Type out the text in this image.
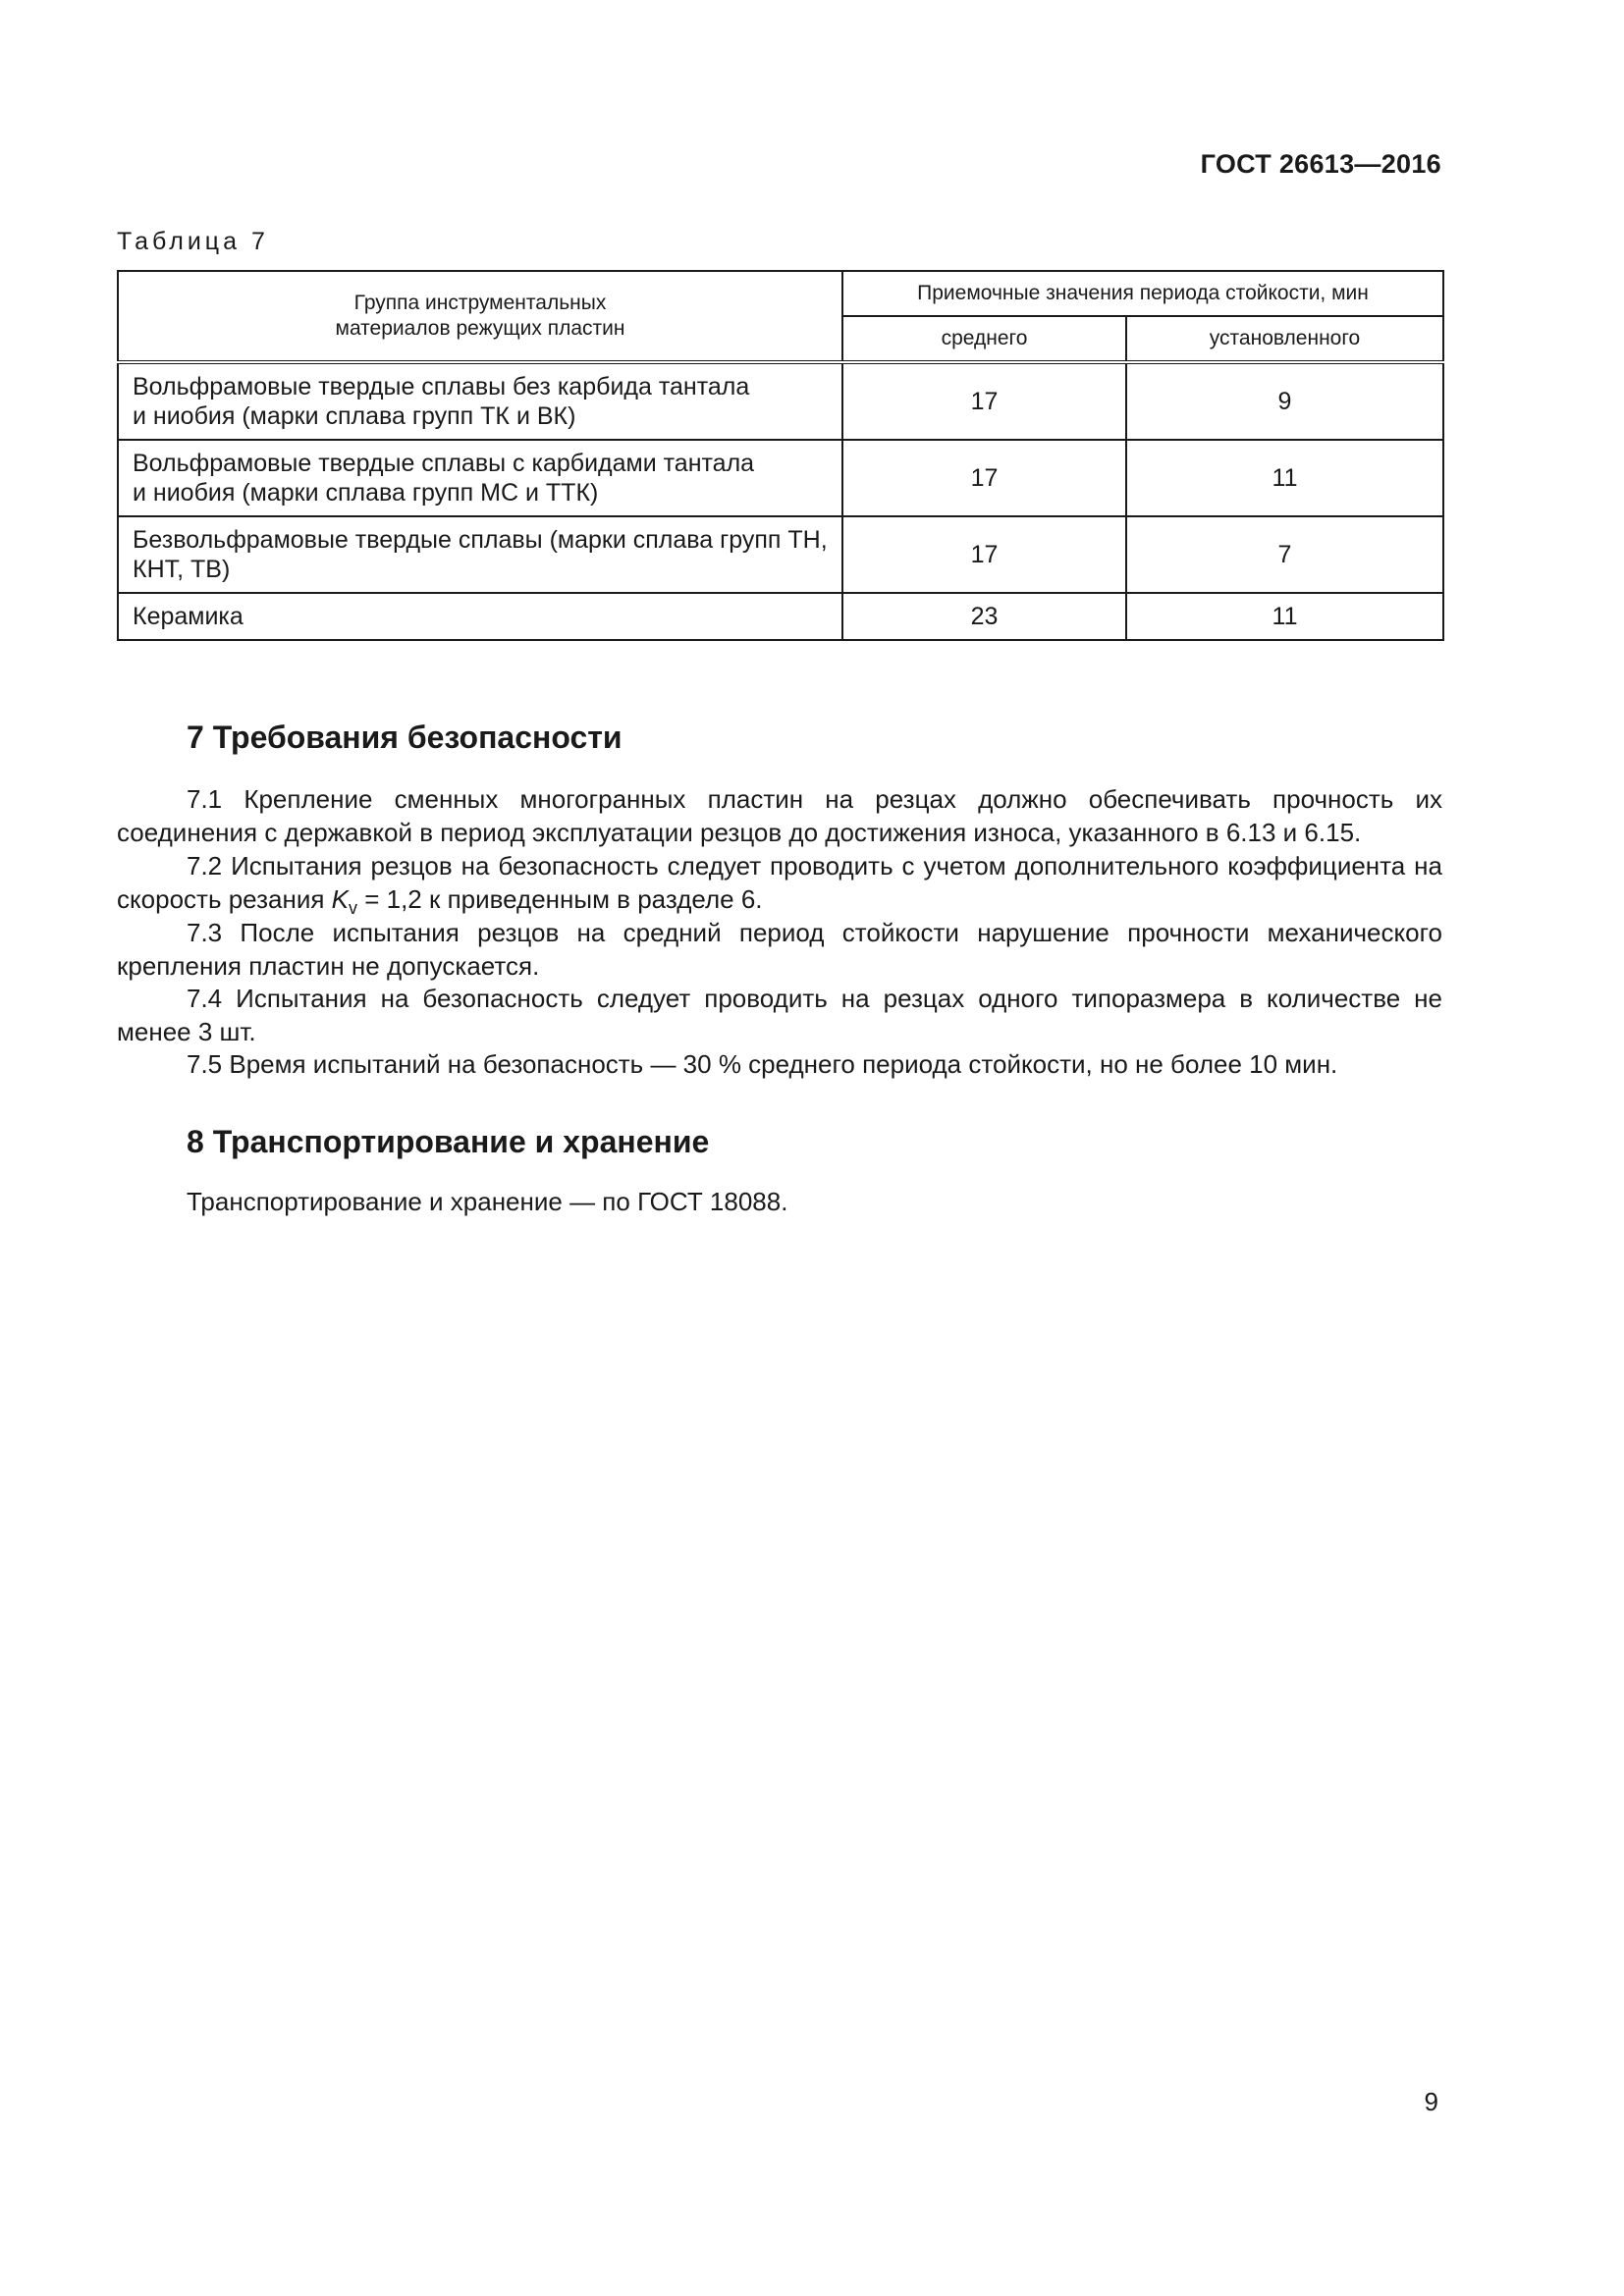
ГОСТ 26613—2016
Таблица 7
Группа инструментальных
материалов режущих пластин	Приемочные значения периода стойкости, мин	
	среднего	установленного

Вольфрамовые твердые сплавы без карбида тантала
и ниобия (марки сплава групп ТК и ВК)	17	9

Вольфрамовые твердые сплавы с карбидами тантала
и ниобия (марки сплава групп МС и ТТК)	17	11

Безвольфрамовые твердые сплавы (марки сплава групп ТН,
КНТ, ТВ)	17	7
Керамика	23	11
7 Требования безопасности
7.1 Крепление сменных многогранных пластин на резцах должно обеспечивать прочность их соединения с державкой в период эксплуатации резцов до достижения износа, указанного в 6.13 и 6.15.
7.2 Испытания резцов на безопасность следует проводить с учетом дополнительного коэффициента на скорость резания $K_v = 1,2$ к приведенным в разделе 6.
7.3 После испытания резцов на средний период стойкости нарушение прочности механического крепления пластин не допускается.
7.4 Испытания на безопасность следует проводить на резцах одного типоразмера в количестве не менее 3 шт.
7.5 Время испытаний на безопасность — 30 % среднего периода стойкости, но не более 10 мин.
8 Транспортирование и хранение
Транспортирование и хранение — по ГОСТ 18088.
9
